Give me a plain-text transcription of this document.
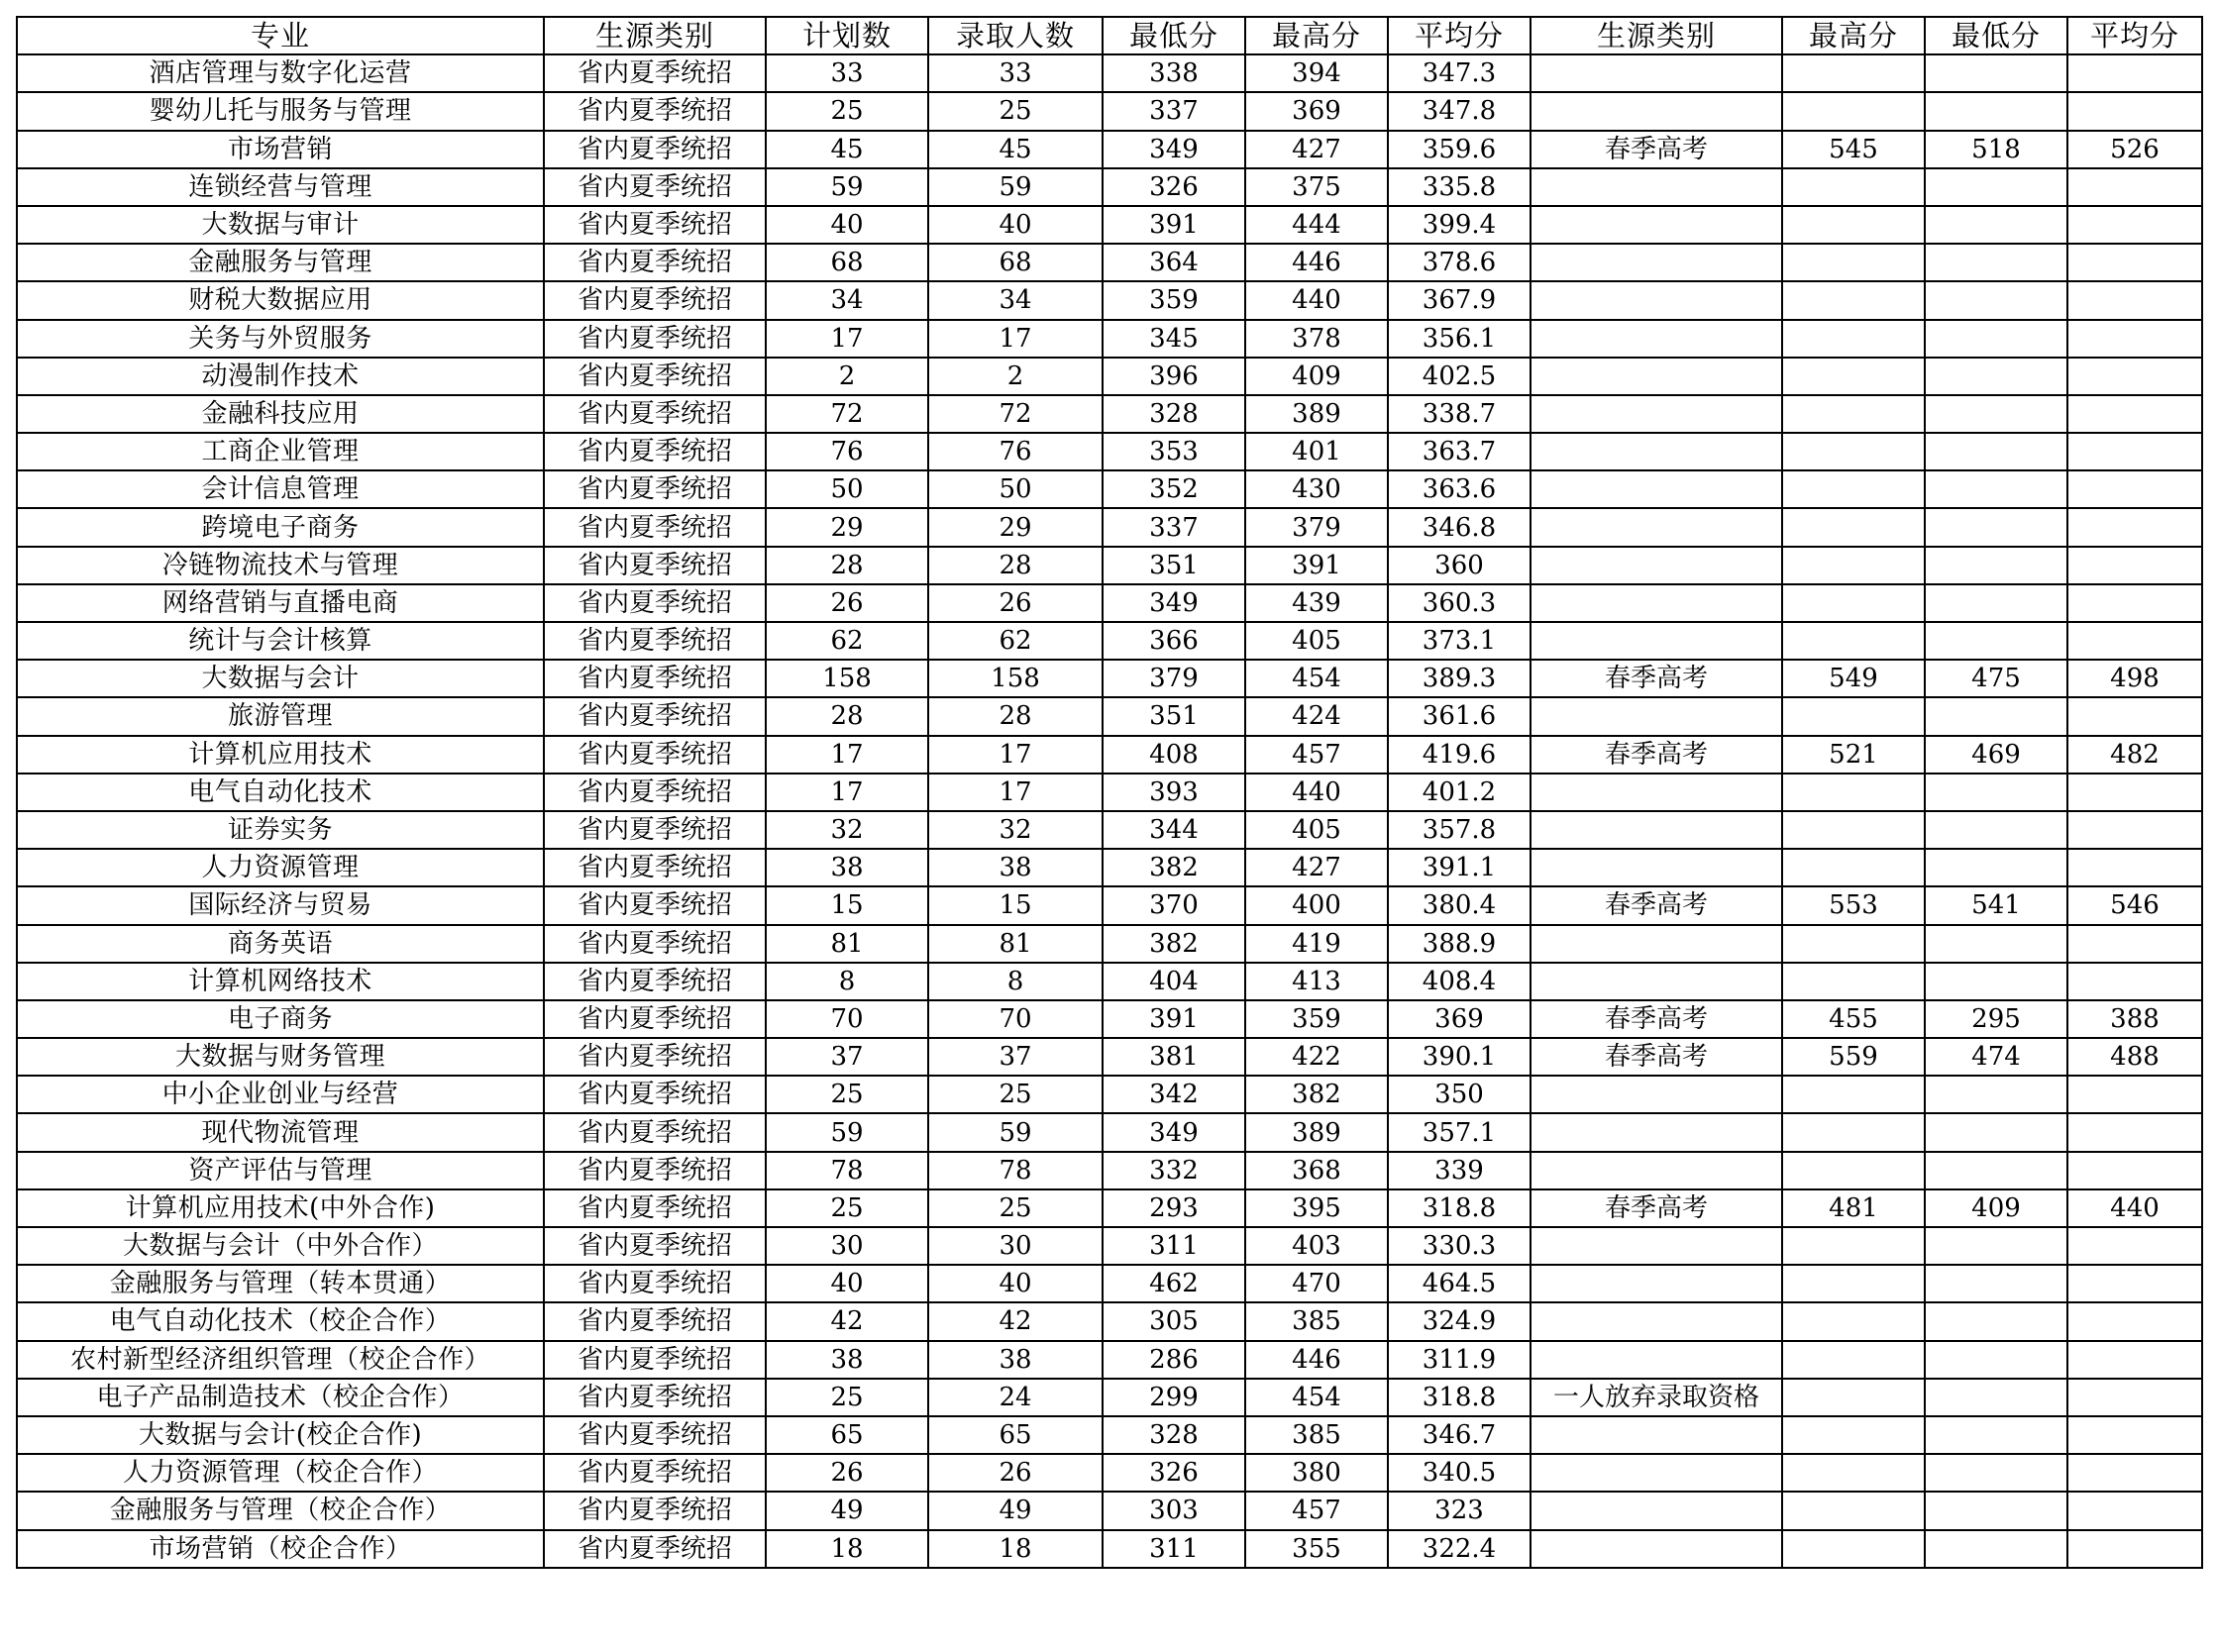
专业	生源类别	计划数	录取人数	最低分	最高分	平均分	生源类别	最高分	最低分	平均分
酒店管理与数字化运营	省内夏季统招	33	33	338	394	347.3				
婴幼儿托与服务与管理	省内夏季统招	25	25	337	369	347.8				
市场营销	省内夏季统招	45	45	349	427	359.6	春季高考	545	518	526
连锁经营与管理	省内夏季统招	59	59	326	375	335.8				
大数据与审计	省内夏季统招	40	40	391	444	399.4				
金融服务与管理	省内夏季统招	68	68	364	446	378.6				
财税大数据应用	省内夏季统招	34	34	359	440	367.9				
关务与外贸服务	省内夏季统招	17	17	345	378	356.1				
动漫制作技术	省内夏季统招	2	2	396	409	402.5				
金融科技应用	省内夏季统招	72	72	328	389	338.7				
工商企业管理	省内夏季统招	76	76	353	401	363.7				
会计信息管理	省内夏季统招	50	50	352	430	363.6				
跨境电子商务	省内夏季统招	29	29	337	379	346.8				
冷链物流技术与管理	省内夏季统招	28	28	351	391	360				
网络营销与直播电商	省内夏季统招	26	26	349	439	360.3				
统计与会计核算	省内夏季统招	62	62	366	405	373.1				
大数据与会计	省内夏季统招	158	158	379	454	389.3	春季高考	549	475	498
旅游管理	省内夏季统招	28	28	351	424	361.6				
计算机应用技术	省内夏季统招	17	17	408	457	419.6	春季高考	521	469	482
电气自动化技术	省内夏季统招	17	17	393	440	401.2				
证券实务	省内夏季统招	32	32	344	405	357.8				
人力资源管理	省内夏季统招	38	38	382	427	391.1				
国际经济与贸易	省内夏季统招	15	15	370	400	380.4	春季高考	553	541	546
商务英语	省内夏季统招	81	81	382	419	388.9				
计算机网络技术	省内夏季统招	8	8	404	413	408.4				
电子商务	省内夏季统招	70	70	391	359	369	春季高考	455	295	388
大数据与财务管理	省内夏季统招	37	37	381	422	390.1	春季高考	559	474	488
中小企业创业与经营	省内夏季统招	25	25	342	382	350				
现代物流管理	省内夏季统招	59	59	349	389	357.1				
资产评估与管理	省内夏季统招	78	78	332	368	339				
计算机应用技术(中外合作)	省内夏季统招	25	25	293	395	318.8	春季高考	481	409	440
大数据与会计（中外合作）	省内夏季统招	30	30	311	403	330.3				
金融服务与管理（转本贯通）	省内夏季统招	40	40	462	470	464.5				
电气自动化技术（校企合作）	省内夏季统招	42	42	305	385	324.9				
农村新型经济组织管理（校企合作）	省内夏季统招	38	38	286	446	311.9				
电子产品制造技术（校企合作）	省内夏季统招	25	24	299	454	318.8	一人放弃录取资格			
大数据与会计(校企合作)	省内夏季统招	65	65	328	385	346.7				
人力资源管理（校企合作）	省内夏季统招	26	26	326	380	340.5				
金融服务与管理（校企合作）	省内夏季统招	49	49	303	457	323				
市场营销（校企合作）	省内夏季统招	18	18	311	355	322.4				
